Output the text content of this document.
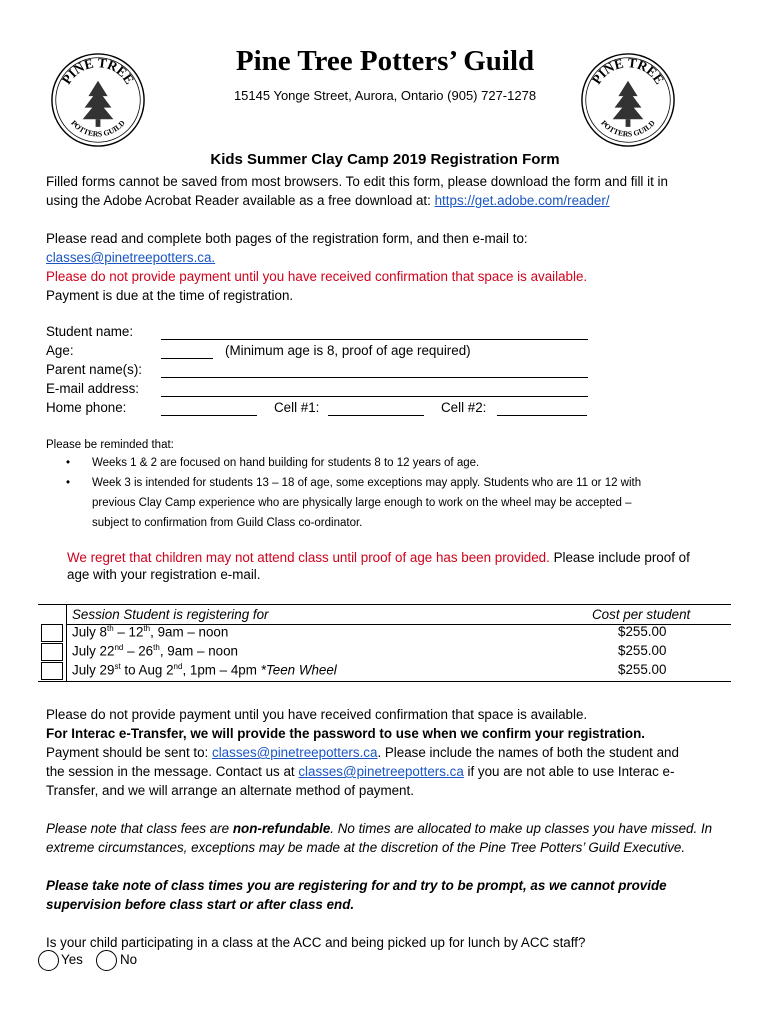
PINE TREE
POTTERS GUILD
PINE TREE
POTTERS GUILD
Pine Tree Potters’ Guild
15145 Yonge Street, Aurora, Ontario (905) 727-1278
Kids Summer Clay Camp 2019 Registration Form
Filled forms cannot be saved from most browsers. To edit this form, please download the form and fill it in
using the Adobe Acrobat Reader available as a free download at: https://get.adobe.com/reader/
Please read and complete both pages of the registration form, and then e-mail to:
classes@pinetreepotters.ca.
Please do not provide payment until you have received confirmation that space is available.
Payment is due at the time of registration.
Student name:
Age:	(Minimum age is 8, proof of age required)
Parent name(s):
E-mail address:
Home phone:	Cell #1:	Cell #2:
Please be reminded that:
• Weeks 1 & 2 are focused on hand building for students 8 to 12 years of age.
• Week 3 is intended for students 13 – 18 of age, some exceptions may apply. Students who are 11 or 12 with
previous Clay Camp experience who are physically large enough to work on the wheel may be accepted –
subject to confirmation from Guild Class co-ordinator.
We regret that children may not attend class until proof of age has been provided. Please include proof of
age with your registration e-mail.
Session Student is registering for	Cost per student
July 8th – 12th, 9am – noon	$255.00
July 22nd – 26th, 9am – noon	$255.00
July 29st to Aug 2nd, 1pm – 4pm *Teen Wheel	$255.00
Please do not provide payment until you have received confirmation that space is available.
For Interac e-Transfer, we will provide the password to use when we confirm your registration.
Payment should be sent to: classes@pinetreepotters.ca. Please include the names of both the student and
the session in the message. Contact us at classes@pinetreepotters.ca if you are not able to use Interac e-
Transfer, and we will arrange an alternate method of payment.
Please note that class fees are non-refundable. No times are allocated to make up classes you have missed. In
extreme circumstances, exceptions may be made at the discretion of the Pine Tree Potters’ Guild Executive.
Please take note of class times you are registering for and try to be prompt, as we cannot provide
supervision before class start or after class end.
Is your child participating in a class at the ACC and being picked up for lunch by ACC staff?
Yes	No
